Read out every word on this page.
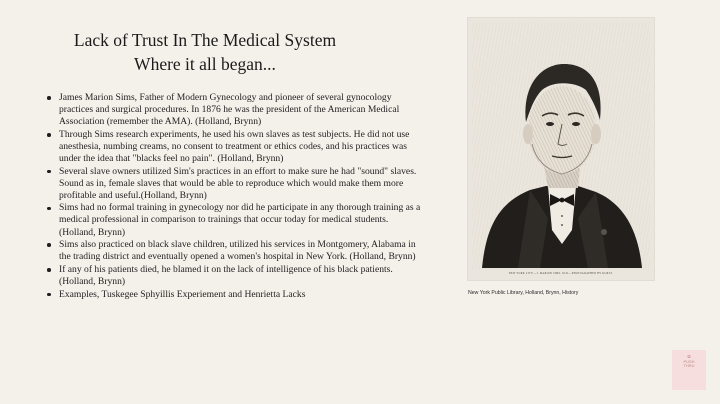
Lack of Trust In The Medical System
Where it all began...
James Marion Sims, Father of Modern Gynecology and pioneer of several gynocology practices and surgical procedures. In 1876 he was the president of the American Medical Association (remember the AMA). (Holland, Brynn)
Through Sims research experiments, he used his own slaves as test subjects. He did not use anesthesia, numbing creams, no consent to treatment or ethics codes, and his practices was under the idea that "blacks feel no pain". (Holland, Brynn)
Several slave owners utilized Sim's practices in an effort to make sure he had "sound" slaves. Sound as in, female slaves that would be able to reproduce which would make them more profitable and useful.(Holland, Brynn)
Sims had no formal training in gynecology nor did he participate in any thorough training as a medical professional in comparison to trainings that occur today for medical students. (Holland, Brynn)
Sims also practiced on black slave children, utilized his services in Montgomery, Alabama in the trading district and eventually opened a women's hospital in New York. (Holland, Brynn)
If any of his patients died, he blamed it on the lack of intelligence of his black patients. (Holland, Brynn)
Examples, Tuskegee Sphyillis Experiement and Henrietta Lacks
NEW YORK CITY.—J. MARION SIMS, M.D.—PHOTOGRAPHED BY KURTZ.
New York Public Library, Holland, Brynn, History
✿
PUSH
THRU
